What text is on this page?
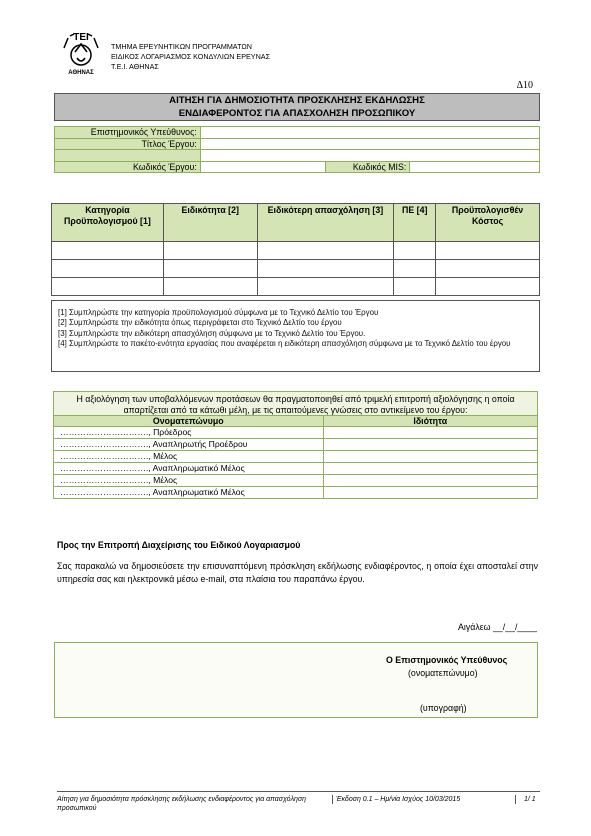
ΤΕΙ
ΑΘΗΝΑΣ
ΤΜΗΜΑ ΕΡΕΥΝΗΤΙΚΩΝ ΠΡΟΓΡΑΜΜΑΤΩΝ
ΕΙΔΙΚΟΣ ΛΟΓΑΡΙΑΣΜΟΣ ΚΟΝΔΥΛΙΩΝ ΕΡΕΥΝΑΣ
Τ.Ε.Ι. ΑΘΗΝΑΣ
Δ10
ΑΙΤΗΣΗ ΓΙΑ ΔΗΜΟΣΙΟΤΗΤΑ ΠΡΟΣΚΛΗΣΗΣ ΕΚΔΗΛΩΣΗΣ
ΕΝΔΙΑΦΕΡΟΝΤΟΣ ΓΙΑ ΑΠΑΣΧΟΛΗΣΗ ΠΡΟΣΩΠΙΚΟΥ
Επιστημονικός Υπεύθυνος:			
Τίτλος Έργου:			

Κωδικός Έργου:		Κωδικός MIS:	
Κατηγορία Προϋπολογισμού [1]	Ειδικότητα [2]	Ειδικότερη απασχόληση [3]	ΠΕ [4]	Προϋπολογισθέν Κόστος

[1] Συμπληρώστε την κατηγορία προϋπολογισμού σύμφωνα με το Τεχνικό Δελτίο του Έργου
[2] Συμπληρώστε την ειδικότητα όπως περιγράφεται στο Τεχνικό Δελτίο του έργου
[3] Συμπληρώστε την ειδικότερη απασχόληση σύμφωνα με το Τεχνικό Δελτίο του Έργου.
[4] Συμπληρώστε το πακέτο-ενότητα εργασίας που αναφέρεται η ειδικότερη απασχόληση σύμφωνα με το Τεχνικό Δελτίο του έργου
Η αξιολόγηση των υποβαλλόμενων προτάσεων θα πραγματοποιηθεί από τριμελή επιτροπή αξιολόγησης η οποία απαρτίζεται από τα κάτωθι μέλη, με τις απαιτούμενες γνώσεις στο αντικείμενο του έργου:	
Ονοματεπώνυμο	Ιδιότητα
…………………………., Πρόεδρος	
…………………………., Αναπληρωτής Προέδρου	
…………………………., Μέλος	
…………………………., Αναπληρωματικό Μέλος	
…………………………., Μέλος	
…………………………., Αναπληρωματικό Μέλος	
Προς την Επιτροπή Διαχείρισης του Ειδικού Λογαριασμού
Σας παρακαλώ να δημοσιεύσετε την επισυναπτόμενη πρόσκληση εκδήλωσης ενδιαφέροντος, η οποία έχει αποσταλεί στην υπηρεσία σας και ηλεκτρονικά μέσω e-mail, στα πλαίσια του παραπάνω έργου.
Αιγάλεω __/__/____
Ο Επιστημονικός Υπεύθυνος
(ονοματεπώνυμο)
(υπογραφή)
Αίτηση για δημοσιότητα πρόσκλησης εκδήλωσης ενδιαφέροντος για απασχόληση προσωπικού
Έκδοση 0.1 – Ημ/νία Ισχύος 10/03/2015	1/ 1
